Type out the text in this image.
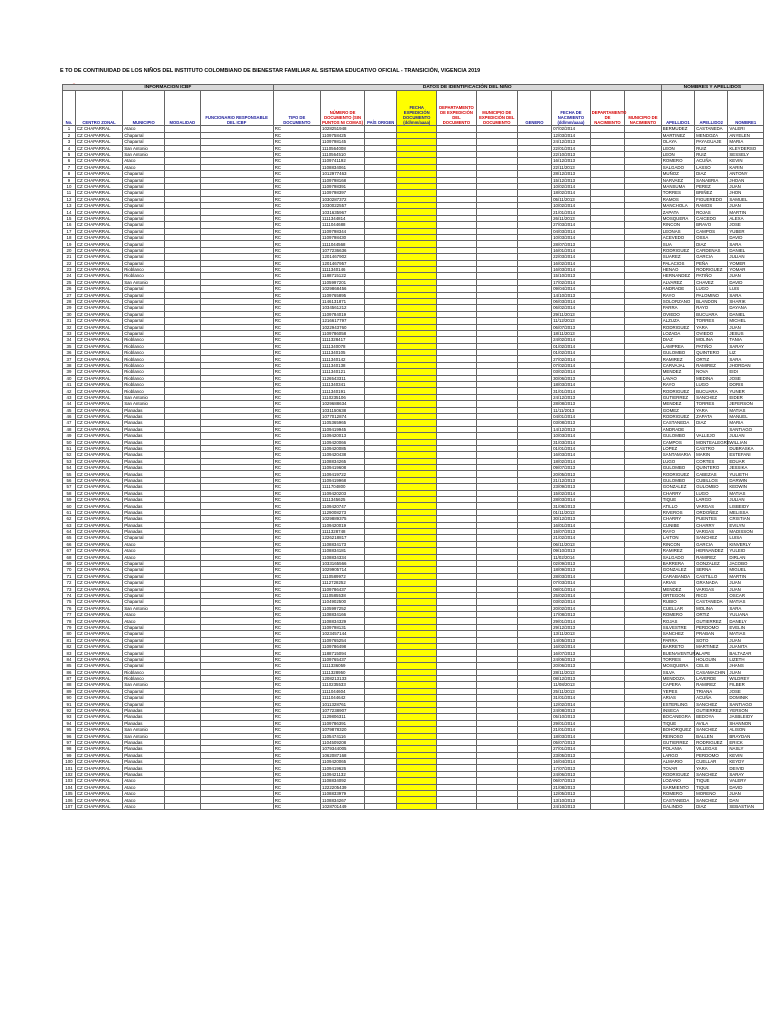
E TO DE CONTINUIDAD DE LOS NIÑOS DEL INSTITUTO COLOMBIANO DE BIENESTAR FAMILIAR AL SISTEMA EDUCATIVO OFICIAL - TRANSICIÓN, VIGENCIA 2019
INFORMACION ICBF					DATOS DE IDENTIFICACIÓN DEL NIÑO										NOMBRES Y APELLIDOS		
No.	CENTRO ZONAL	MUNICIPIO	MODALIDAD	FUNCIONARIO RESPONSABLE DEL ICBF	TIPO DE DOCUMENTO	NÚMERO DE DOCUMENTO (SIN PUNTOS NI COMAS)	PAÍS ORIGEN	FECHA EXPEDICIÓN DOCUMENTO (dd/mm/aaaa)	DEPARTAMENTO DE EXPEDICIÓN DEL DOCUMENTO	MUNICIPIO DE EXPEDICIÓN DEL DOCUMENTO	GENERO	FECHA DE NACIMIENTO (dd/mm/aaaa)	DEPARTAMENTO DE NACIMIENTO	MUNICIPIO DE NACIMIENTO	APELLIDO1	APELLIDO2	NOMBRE1
1	CZ CHAPARRAL	Ataco			RC	1028251948						07/02/2014			BERMUDEZ	CASTANEDA	VALERI
2	CZ CHAPARRAL	Chaparral			RC	1109758425						12/03/2014			MARTINEZ	MENDOZA	ANYELEN
3	CZ CHAPARRAL	Chaparral			RC	1109798145						24/12/2013			OLAYA	PAYAGUAJE	MARIA
4	CZ CHAPARRAL	San Antonio			RC	1110564008						22/01/2014			LEON	RUIZ	KLEYDERSO
5	CZ CHAPARRAL	San Antonio			RC	1110564510						22/10/2013			LEON	RUIZ	SESSELY
6	CZ CHAPARRAL	Ataco			RC	1109741192						16/12/2013			ROMERO	ACUÑA	KEVIN
7	CZ CHAPARRAL	Ataco			RC	1108834061						22/11/2013			SALGADO	LASSO	KARIN
8	CZ CHAPARRAL	Chaparral			RC	1012977463						28/12/2013			MUÑOZ	DIAZ	ANTONY
9	CZ CHAPARRAL	Chaparral			RC	1109798168						15/12/2013			NARVAEZ	SANABRIA	JHOAN
10	CZ CHAPARRAL	Chaparral			RC	1109798391						10/02/2014			MANSUMA	PEREZ	JUAN
11	CZ CHAPARRAL	Chaparral			RC	1109798397						18/02/2014			TORRES	BRIÑEZ	JHON
12	CZ CHAPARRAL	Chaparral			RC	1030287372						05/11/2013			RAMOS	FIGUEREDO	SAMUEL
13	CZ CHAPARRAL	Chaparral			RC	1030022557						10/02/2014			MANCHOLA	RAMOS	JUAN
14	CZ CHAPARRAL	Chaparral			RC	1031635967						21/01/2014			ZAPATA	ROJAS	MARTIN
15	CZ CHAPARRAL	Chaparral			RC	1111344814						26/11/2013			MOSQUERA	CAICEDO	ALEXA
16	CZ CHAPARRAL	Chaparral			RC	1111044688						27/03/2014			RINCON	BRAVO	JOSE
17	CZ CHAPARRAL	Chaparral			RC	1109798344						04/03/2014			LEONAS	CAMPOS	YUBER
18	CZ CHAPARRAL	Chaparral			RC	1109798430						10/03/2014			ACEVEDO	OSSA	DAVID
19	CZ CHAPARRAL	Chaparral			RC	1111044568						28/07/2013			SUA	DIAZ	SARA
20	CZ CHAPARRAL	Chaparral			RC	1077236636						16/01/2014			RODRIGUEZ	CARDENAS	DANIEL
21	CZ CHAPARRAL	Chaparral			RC	1201467902						22/03/2014			SUAREZ	GARCIA	JULIAN
22	CZ CHAPARRAL	Chaparral			RC	1201467957						16/02/2014			PALACIOS	PEÑA	YOMER
23	CZ CHAPARRAL	Rioblanco			RC	1111340146						16/03/2014			HENAO	RODRIGUEZ	YOMAR
24	CZ CHAPARRAL	Rioblanco			RC	1188715122						15/10/2013			HERNANDEZ	PATIÑO	JUAN
25	CZ CHAPARRAL	San Antonio			RC	1105997201						17/02/2014			ALVAREZ	CHAVEZ	DAVID
26	CZ CHAPARRAL	Chaparral			RC	1029868456						09/04/2014			ANDRADE	LUGO	LUIS
27	CZ CHAPARRAL	Chaparral			RC	1109765895						14/10/2013			RAYO	PALOMINO	SARA
28	CZ CHAPARRAL	Chaparral			RC	1146131871						06/03/2014			SOLORZANO	BLANDON	SHARIK
29	CZ CHAPARRAL	Chaparral			RC	1034561212						06/02/2014			PARRA	RAYO	DAYANA
30	CZ CHAPARRAL	Chaparral			RC	1109784019						29/11/2013			OVIEDO	BUCUARA	DANIEL
31	CZ CHAPARRAL	Chaparral			RC	1216617797						11/12/2013			ALZUZA	TORRES	MICHEL
32	CZ CHAPARRAL	Chaparral			RC	1022943760						06/07/2013			RODRIGUEZ	YARA	JUAN
33	CZ CHAPARRAL	Chaparral			RC	1109786058						18/11/2013			LOZADA	OVIEDO	JESUS
34	CZ CHAPARRAL	Rioblanco			RC	1111328417						24/02/2014			DIAZ	MOLINA	TANIA
35	CZ CHAPARRAL	Rioblanco			RC	1111340078						01/02/2014			LAMPREA	PATIÑO	SARAY
36	CZ CHAPARRAL	Rioblanco			RC	1111340105						01/02/2014			GULOMBO	QUINTERO	LIZ
37	CZ CHAPARRAL	Rioblanco			RC	1111340142						27/02/2014			RAMIREZ	ORTIZ	SARA
38	CZ CHAPARRAL	Rioblanco			RC	1111340138						07/02/2014			CARVAJAL	RAMIREZ	JHORDAN
39	CZ CHAPARRAL	Rioblanco			RC	1111340121						03/02/2014			MENDEZ	NOVA	EIDI
40	CZ CHAPARRAL	Rioblanco			RC	1126543311						30/06/2013			LAVAO	MEDINA	JOSE
41	CZ CHAPARRAL	Rioblanco			RC	1111340341						18/03/2014			RAYO	LUGO	DORIS
42	CZ CHAPARRAL	Rioblanco			RC	1111340191						31/01/2014			RODRIGUEZ	BUCUARA	YUNER
43	CZ CHAPARRAL	San Antonio			RC	1110235106						24/12/2013			GUTIERREZ	SANCHEZ	EIDER
44	CZ CHAPARRAL	San Antonio			RC	1029688634						28/08/2013			MENDEZ	TORRES	JEFERSON
45	CZ CHAPARRAL	Planadas			RC	1031150638						11/11/2013			GOMEZ	YARA	MATIAS
46	CZ CHAPARRAL	Planadas			RC	1077012874						04/01/2014			RODRIGUEZ	ZAPATA	MANUEL
47	CZ CHAPARRAL	Planadas			RC	1105365965						03/08/2013			CASTANEDA	DIAZ	MARIA
48	CZ CHAPARRAL	Planadas			RC	1109419945						14/12/2013			ANDRADE		SANTIAGO
49	CZ CHAPARRAL	Planadas			RC	1109420013						10/03/2014			GULOMBO	VALLEJO	JULIAN
50	CZ CHAPARRAL	Planadas			RC	1109420066						31/03/2014			CAMPOS	MONTEALEGRE	WILLIAN
51	CZ CHAPARRAL	Planadas			RC	1109420085						01/01/2014			LOPEZ	CASTRO	DUBRASKA
52	CZ CHAPARRAL	Planadas			RC	1109420438						16/03/2014			SANTAMARIA	MARIN	ESTEFANI
53	CZ CHAPARRAL	Planadas			RC	1108834265						18/02/2014			LUGO	CORTES	EDUAR
54	CZ CHAPARRAL	Planadas			RC	1109419608						09/07/2013			GULOMBO	QUINTERO	JESSIKA
55	CZ CHAPARRAL	Planadas			RC	1109419722						20/05/2013			RODRIGUEZ	CABEZAS	YULIETH
56	CZ CHAPARRAL	Planadas			RC	1109419968						21/12/2013			GULOMBO	CUBILLOS	DARWIN
57	CZ CHAPARRAL	Planadas			RC	1111704800						23/09/2013			GONZALEZ	GULOMBO	KEDWIN
58	CZ CHAPARRAL	Planadas			RC	1109420203						15/02/2014			CHARRY	LUGO	MATIAS
59	CZ CHAPARRAL	Planadas			RC	1111345625						28/03/2014			TIQUE	LARGO	JULIAN
60	CZ CHAPARRAL	Planadas			RC	1109420747						31/08/2013			ATILLO	VARGAS	LISBEIDY
61	CZ CHAPARRAL	Planadas			RC	1129008273						01/11/2013			RIVEROS	ORDOÑEZ	MELISSA
62	CZ CHAPARRAL	Planadas			RC	1029889375						30/12/2013			CHARRY	PUENTES	CRISTIAN
63	CZ CHAPARRAL	Planadas			RC	1109420019						16/01/2014			CUNIBE	CHARRY	EVILYN
64	CZ CHAPARRAL	Planadas			RC	1111328748						15/07/2013			RAYO	VARGAS	MADISSON
65	CZ CHAPARRAL	Chaparral			RC	1226218817						21/02/2014			LAITON	SANCHEZ	LUISA
66	CZ CHAPARRAL	Ataco			RC	1108834173						06/11/2013			RINCON	GARCIA	KINVERLY
67	CZ CHAPARRAL	Ataco			RC	1108834181						09/10/2013			RAMIREZ	HERNANDEZ	YULEID
68	CZ CHAPARRAL	Ataco			RC	1108834334						11/02/2014			SALGADO	RAMIREZ	DIRLAN
69	CZ CHAPARRAL	Chaparral			RC	1033165566						02/09/2013			BARRERA	GONZALEZ	JACOBO
70	CZ CHAPARRAL	Chaparral			RC	1029905714						18/09/2013			GONZALEZ	SERNA	MIGUEL
71	CZ CHAPARRAL	Chaparral			RC	1110589972						28/03/2014			CARABANDA	CASTILLO	MARTIN
72	CZ CHAPARRAL	Chaparral			RC	1112728252						07/03/2014			ARIAS	GRANADA	JUAN
73	CZ CHAPARRAL	Chaparral			RC	1109786437						08/01/2014			MENDEZ	VARGAS	JUAN
74	CZ CHAPARRAL	Chaparral			RC	1110585538						25/02/2014			ORTEGON	RICO	OSCAR
75	CZ CHAPARRAL	Chaparral			RC	1104902500						03/02/2014			RUBIO	CASTANEDA	MATIAS
76	CZ CHAPARRAL	San Antonio			RC	1105997252						20/02/2014			CUELLAR	MOLINA	SARA
77	CZ CHAPARRAL	Ataco			RC	1108834166						17/08/2013			ROMERO	ORTIZ	YULIANA
78	CZ CHAPARRAL	Ataco			RC	1108834329						29/01/2014			ROJAS	GUTIERREZ	DANELY
79	CZ CHAPARRAL	Chaparral			RC	1109798131						29/12/2013			SILVESTRE	PERDOMO	EVELIN
80	CZ CHAPARRAL	Chaparral			RC	1023457144						13/11/2013			SANCHEZ	PRABAN	MATIAS
81	CZ CHAPARRAL	Chaparral			RC	1109765254						14/05/2013			PARRA	SOTO	JUAN
82	CZ CHAPARRAL	Chaparral			RC	1109786498						16/02/2014			BARRETO	MARTINEZ	JUANITA
83	CZ CHAPARRAL	Chaparral			RC	1188715094						16/07/2013			BUENAVENTURA	ALAPE	BALTAZAR
84	CZ CHAPARRAL	Chaparral			RC	1109765437						24/06/2013			TORRES	HOLGUIN	LIZETH
85	CZ CHAPARRAL	Chaparral			RC	1111336059						20/06/2013			MOSQUERA	CELIS	JHANS
86	CZ CHAPARRAL	Rioblanco			RC	1111328950						28/11/2013			SILVA	CASAMACHIN	JUAN
87	CZ CHAPARRAL	Rioblanco			RC	1208213133						08/12/2013			MENDOZA	LAVERDE	WILDREY
88	CZ CHAPARRAL	San Antonio			RC	1110235533						11/08/2013			CAPERA	RAMIREZ	FILBER
89	CZ CHAPARRAL	Chaparral			RC	1111044604						25/11/2013			YEPES	TRIANA	JOSE
90	CZ CHAPARRAL	Chaparral			RC	1111044642						31/01/2014			ARIAS	ACUÑA	DOMINIK
91	CZ CHAPARRAL	Chaparral			RC	1011328761						12/02/2014			ESTERLING	SANCHEZ	SANTIAGO
92	CZ CHAPARRAL	Planadas			RC	1077238907						24/08/2013			INSECA	GUTIERREZ	YERSON
93	CZ CHAPARRAL	Planadas			RC	1129806311						05/10/2013			BOCANEGRA	BEDOYA	JASBLEIDY
94	CZ CHAPARRAL	Planadas			RC	1109786391						29/01/2014			TIQUE	AVILA	SHANNON
95	CZ CHAPARRAL	San Antonio			RC	1079878320						21/01/2014			BOHORQUEZ	SANCHEZ	ALISON
96	CZ CHAPARRAL	San Antonio			RC	1105474116						18/03/2014			REINOSO	BALLEN	BRAYDAN
97	CZ CHAPARRAL	Planadas			RC	1104509208						05/07/2013			GUTIERREZ	RODRIGUEZ	ERICK
98	CZ CHAPARRAL	Planadas			RC	1079344005						27/01/2014			POLANIA	VILLEGAS	NASLY
99	CZ CHAPARRAL	Planadas			RC	1062087168						23/05/2013			LARGO	PERDOMO	KEVIN
100	CZ CHAPARRAL	Planadas			RC	1109420065						16/04/2014			ALMARIO	CUELLAR	KEYDY
101	CZ CHAPARRAL	Planadas			RC	1109419626						17/07/2013			TOVAR	YARA	DEIVID
102	CZ CHAPARRAL	Planadas			RC	1109421132						24/06/2013			RODRIGUEZ	SANCHEZ	SARAY
103	CZ CHAPARRAL	Ataco			RC	1108834092						06/07/2013			LOZANO	TIQUE	VALERY
104	CZ CHAPARRAL	Ataco			RC	1222205439						21/08/2013			SARMIENTO	TIQUE	DAVID
105	CZ CHAPARRAL	Ataco			RC	1108833979						12/05/2013			ROMERO	MORENO	JUAN
106	CZ CHAPARRAL	Ataco			RC	1108834267						13/10/2013			CASTANEDA	SANCHEZ	DAN
107	CZ CHAPARRAL	Ataco			RC	1028701449						24/10/2013			GALINDO	DIAZ	SEBASTIAN
